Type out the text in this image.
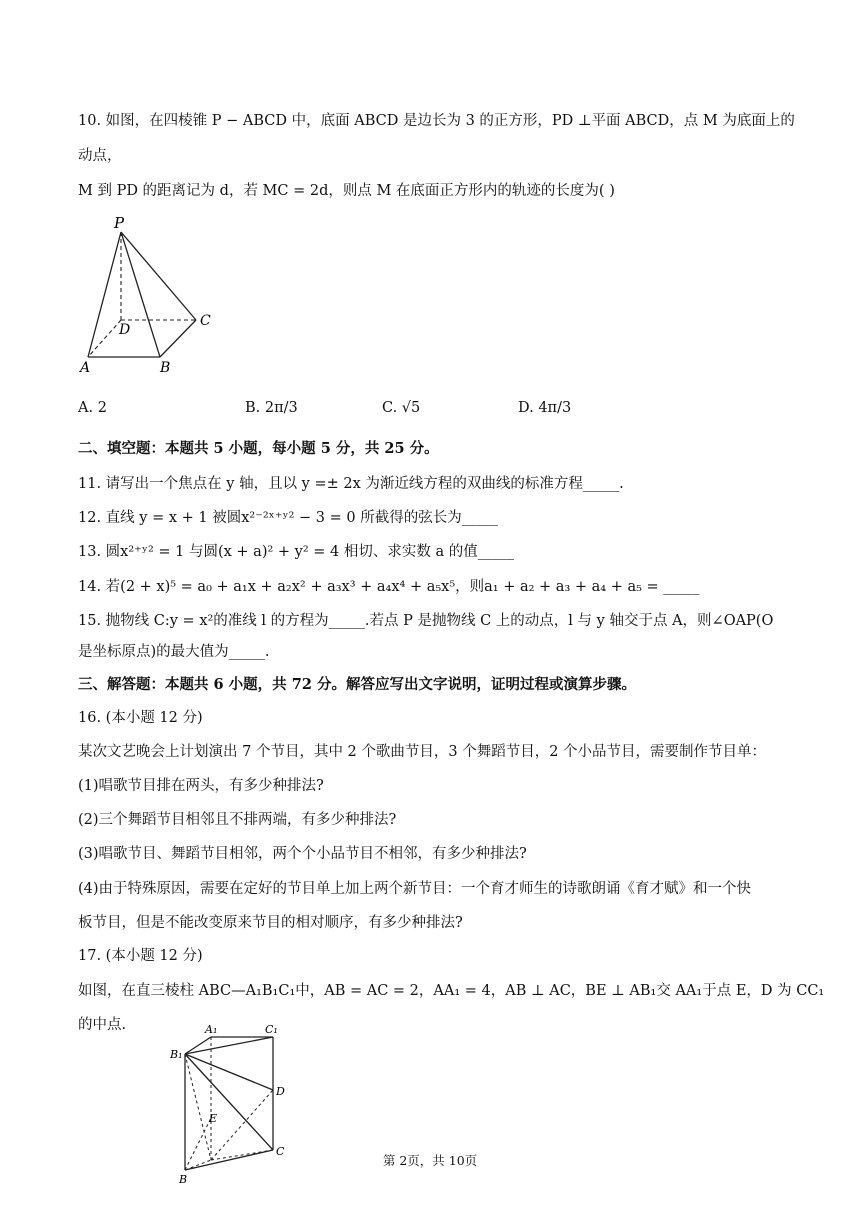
10. 如图，在四棱锥 P − ABCD 中，底面 ABCD 是边长为 3 的正方形，PD ⊥平面 ABCD，点 M 为底面上的
动点，
M 到 PD 的距离记为 d，若 MC = 2d，则点 M 在底面正方形内的轨迹的长度为( )
P
D
C
A	B
A. 2	B. 2π/3	C. √5	D. 4π/3
二、填空题：本题共 5 小题，每小题 5 分，共 25 分。
11. 请写出一个焦点在 y 轴，且以 y =± 2x 为渐近线方程的双曲线的标准方程_____.
12. 直线 y = x + 1 被圆x²⁻²ˣ⁺ʸ² − 3 = 0 所截得的弦长为_____
13. 圆x²⁺ʸ² = 1 与圆(x + a)² + y² = 4 相切、求实数 a 的值_____
14. 若(2 + x)⁵ = a₀ + a₁x + a₂x² + a₃x³ + a₄x⁴ + a₅x⁵，则a₁ + a₂ + a₃ + a₄ + a₅ = _____
15. 抛物线 C:y = x²的准线 l 的方程为_____.若点 P 是抛物线 C 上的动点，l 与 y 轴交于点 A，则∠OAP(O
是坐标原点)的最大值为_____.
三、解答题：本题共 6 小题，共 72 分。解答应写出文字说明，证明过程或演算步骤。
16. (本小题 12 分)
某次文艺晚会上计划演出 7 个节目，其中 2 个歌曲节目，3 个舞蹈节目，2 个小品节目，需要制作节目单：
(1)唱歌节目排在两头，有多少种排法?
(2)三个舞蹈节目相邻且不排两端，有多少种排法?
(3)唱歌节目、舞蹈节目相邻，两个个小品节目不相邻，有多少种排法?
(4)由于特殊原因，需要在定好的节目单上加上两个新节目：一个育才师生的诗歌朗诵《育才赋》和一个快
板节目，但是不能改变原来节目的相对顺序，有多少种排法?
17. (本小题 12 分)
如图，在直三棱柱 ABC—A₁B₁C₁中，AB = AC = 2，AA₁ = 4，AB ⊥ AC，BE ⊥ AB₁交 AA₁于点 E，D 为 CC₁
的中点.	A₁	C₁
B₁
D
E
C
B
第 2页，共 10页
